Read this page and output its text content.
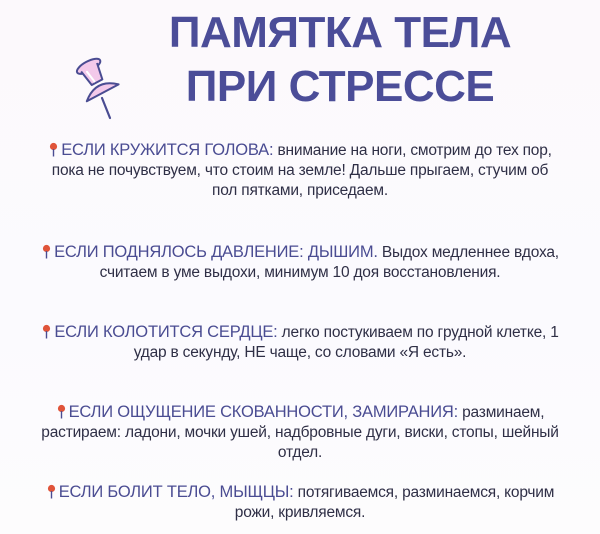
ПАМЯТКА ТЕЛА
ПРИ СТРЕССЕ
ЕСЛИ КРУЖИТСЯ ГОЛОВА: внимание на ноги, смотрим до тех пор, пока не почувствуем, что стоим на земле! Дальше прыгаем, стучим об пол пятками, приседаем.
ЕСЛИ ПОДНЯЛОСЬ ДАВЛЕНИЕ: ДЫШИМ. Выдох медленнее вдоха, считаем в уме выдохи, минимум 10 доя восстановления.
ЕСЛИ КОЛОТИТСЯ СЕРДЦЕ: легко постукиваем по грудной клетке, 1 удар в секунду, НЕ чаще, со словами «Я есть».
ЕСЛИ ОЩУЩЕНИЕ СКОВАННОСТИ, ЗАМИРАНИЯ: разминаем, растираем: ладони, мочки ушей, надбровные дуги, виски, стопы, шейный отдел.
ЕСЛИ БОЛИТ ТЕЛО, МЫЩЦЫ: потягиваемся, разминаемся, корчим рожи, кривляемся.
